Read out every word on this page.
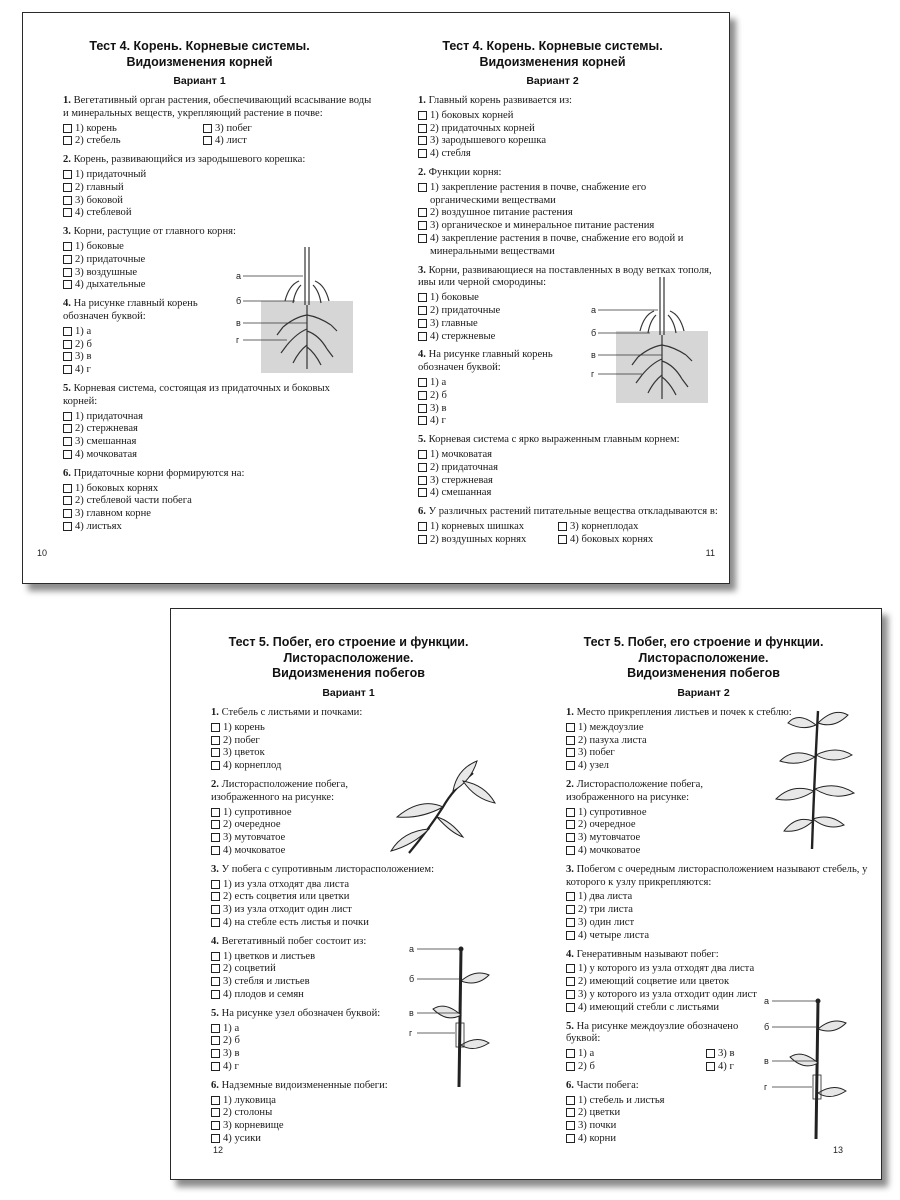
Тест 4. Корень. Корневые системы.
Видоизменения корней
Вариант 1
1. Вегетативный орган растения, обеспечивающий всасывание воды и минеральных веществ, укрепляющий растение в почве:
1) корень	3) побег
2) стебель	4) лист
2. Корень, развивающийся из зародышевого корешка:
1) придаточный
2) главный
3) боковой
4) стеблевой
3. Корни, растущие от главного корня:
1) боковые
2) придаточные
3) воздушные
4) дыхательные
4. На рисунке главный корень обозначен буквой:
1) а
2) б
3) в
4) г
5. Корневая система, состоящая из придаточных и боковых корней:
1) придаточная
2) стержневая
3) смешанная
4) мочковатая
6. Придаточные корни формируются на:
1) боковых корнях
2) стеблевой части побега
3) главном корне
4) листьях
а
б
в
г
10
Тест 4. Корень. Корневые системы.
Видоизменения корней
Вариант 2
1. Главный корень развивается из:
1) боковых корней
2) придаточных корней
3) зародышевого корешка
4) стебля
2. Функции корня:
1) закрепление растения в почве, снабжение его органическими веществами
2) воздушное питание растения
3) органическое и минеральное питание растения
4) закрепление растения в почве, снабжение его водой и минеральными веществами
3. Корни, развивающиеся на поставленных в воду ветках тополя, ивы или черной смородины:
1) боковые
2) придаточные
3) главные
4) стержневые
4. На рисунке главный корень обозначен буквой:
1) а
2) б
3) в
4) г
5. Корневая система с ярко выраженным главным корнем:
1) мочковатая
2) придаточная
3) стержневая
4) смешанная
6. У различных растений питательные вещества откладываются в:
1) корневых шишках	3) корнеплодах
2) воздушных корнях	4) боковых корнях
а
б
в
г
11
Тест 5. Побег, его строение и функции.
Листорасположение.
Видоизменения побегов
Вариант 1
1. Стебель с листьями и почками:
1) корень
2) побег
3) цветок
4) корнеплод
2. Листорасположение побега, изображенного на рисунке:
1) супротивное
2) очередное
3) мутовчатое
4) мочковатое
3. У побега с супротивным листорасположением:
1) из узла отходят два листа
2) есть соцветия или цветки
3) из узла отходит один лист
4) на стебле есть листья и почки
4. Вегетативный побег состоит из:
1) цветков и листьев
2) соцветий
3) стебля и листьев
4) плодов и семян
5. На рисунке узел обозначен буквой:
1) а
2) б
3) в
4) г
6. Надземные видоизмененные побеги:
1) луковица
2) столоны
3) корневище
4) усики
а
б
в
г
12
Тест 5. Побег, его строение и функции.
Листорасположение.
Видоизменения побегов
Вариант 2
1. Место прикрепления листьев и почек к стеблю:
1) междоузлие
2) пазуха листа
3) побег
4) узел
2. Листорасположение побега, изображенного на рисунке:
1) супротивное
2) очередное
3) мутовчатое
4) мочковатое
3. Побегом с очередным листорасположением называют стебель, у которого к узлу прикрепляются:
1) два листа
2) три листа
3) один лист
4) четыре листа
4. Генеративным называют побег:
1) у которого из узла отходят два листа
2) имеющий соцветие или цветок
3) у которого из узла отходит один лист
4) имеющий стебли с листьями
5. На рисунке междоузлие обозначено буквой:
1) а	3) в
2) б	4) г
6. Части побега:
1) стебель и листья
2) цветки
3) почки
4) корни
а
б
в
г
13
